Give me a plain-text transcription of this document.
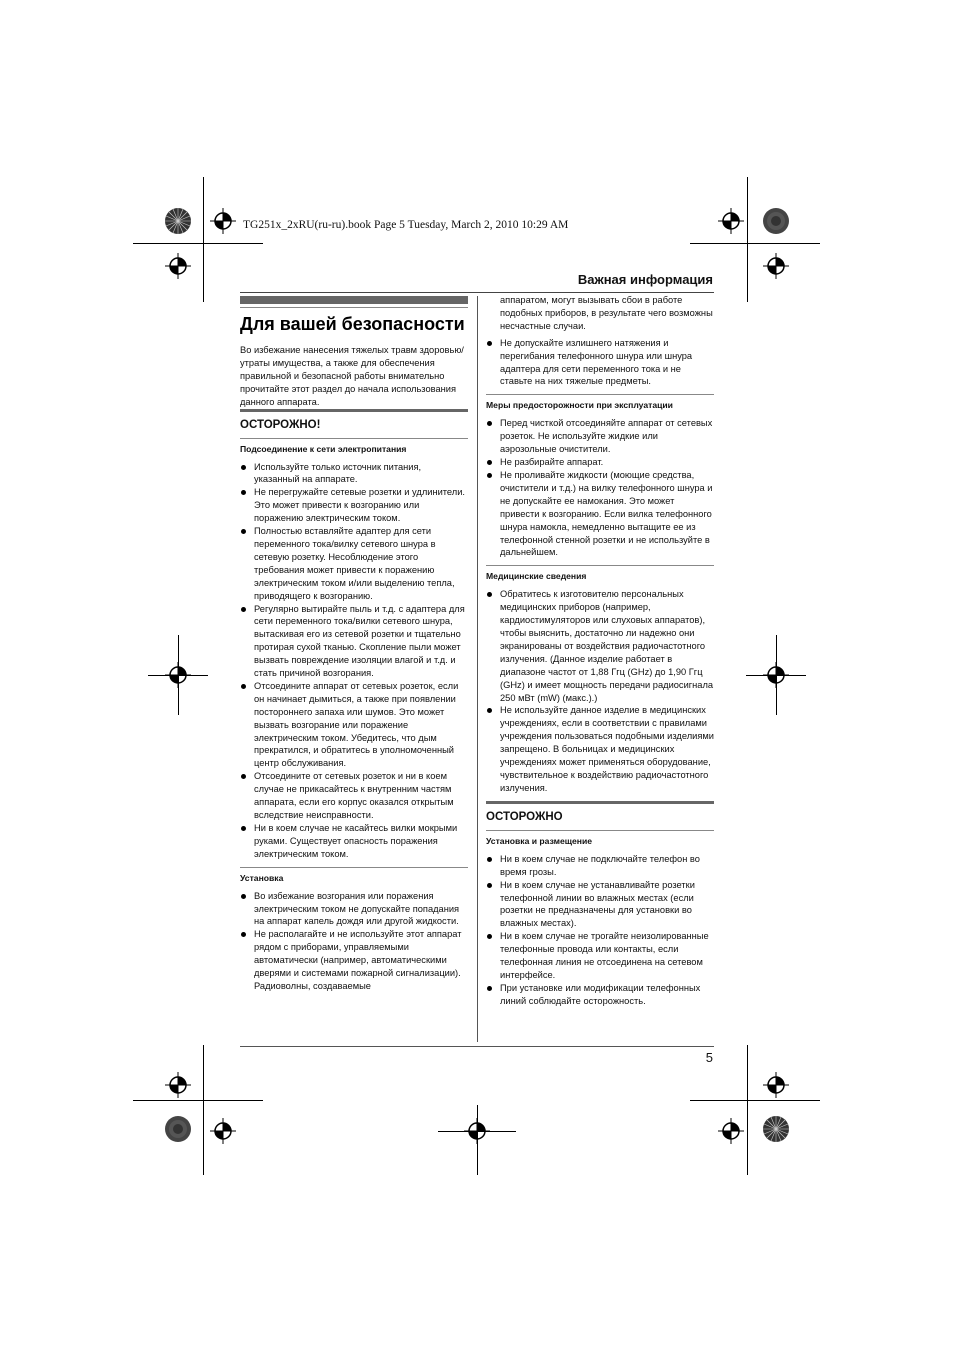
TG251x_2xRU(ru-ru).book Page 5 Tuesday, March 2, 2010 10:29 AM
Важная информация
Для вашей безопасности

Во избежание нанесения тяжелых травм здоровью/утраты имущества, а также для обеспечения правильной и безопасной работы внимательно прочитайте этот раздел до начала использования данного аппарата.

ОСТОРОЖНО!
Подсоединение к сети электропитания
Используйте только источник питания, указанный на аппарате.
Не перегружайте сетевые розетки и удлинители. Это может привести к возгоранию или поражению электрическим током.
Полностью вставляйте адаптер для сети переменного тока/вилку сетевого шнура в сетевую розетку. Несоблюдение этого требования может привести к поражению электрическим током и/или выделению тепла, приводящего к возгоранию.
Регулярно вытирайте пыль и т.д. с адаптера для сети переменного тока/вилки сетевого шнура, вытаскивая его из сетевой розетки и тщательно протирая сухой тканью. Скопление пыли может вызвать повреждение изоляции влагой и т.д. и стать причиной возгорания.
Отсоедините аппарат от сетевых розеток, если он начинает дымиться, а также при появлении постороннего запаха или шумов. Это может вызвать возгорание или поражение электрическим током. Убедитесь, что дым прекратился, и обратитесь в уполномоченный центр обслуживания.
Отсоедините от сетевых розеток и ни в коем случае не прикасайтесь к внутренним частям аппарата, если его корпус оказался открытым вследствие неисправности.
Ни в коем случае не касайтесь вилки мокрыми руками. Существует опасность поражения электрическим током.
Установка
Во избежание возгорания или поражения электрическим током не допускайте попадания на аппарат капель дождя или другой жидкости.
Не располагайте и не используйте этот аппарат рядом с приборами, управляемыми автоматически (например, автоматическими дверями и системами пожарной сигнализации). Радиоволны, создаваемые
аппаратом, могут вызывать сбои в работе подобных приборов, в результате чего возможны несчастные случаи.
Не допускайте излишнего натяжения и перегибания телефонного шнура или шнура адаптера для сети переменного тока и не ставьте на них тяжелые предметы.
Меры предосторожности при эксплуатации
Перед чисткой отсоединяйте аппарат от сетевых розеток. Не используйте жидкие или аэрозольные очистители.
Не разбирайте аппарат.
Не проливайте жидкости (моющие средства, очистители и т.д.) на вилку телефонного шнура и не допускайте ее намокания. Это может привести к возгоранию. Если вилка телефонного шнура намокла, немедленно вытащите ее из телефонной стенной розетки и не используйте в дальнейшем.
Медицинские сведения
Обратитесь к изготовителю персональных медицинских приборов (например, кардиостимуляторов или слуховых аппаратов), чтобы выяснить, достаточно ли надежно они экранированы от воздействия радиочастотного излучения. (Данное изделие работает в диапазоне частот от 1,88 Ггц (GHz) до 1,90 Ггц (GHz) и имеет мощность передачи радиосигнала 250 мВт (mW) (макс.).)
Не используйте данное изделие в медицинских учреждениях, если в соответствии с правилами учреждения пользоваться подобными изделиями запрещено. В больницах и медицинских учреждениях может применяться оборудование, чувствительное к воздействию радиочастотного излучения.
ОСТОРОЖНО
Установка и размещение
Ни в коем случае не подключайте телефон во время грозы.
Ни в коем случае не устанавливайте розетки телефонной линии во влажных местах (если розетки не предназначены для установки во влажных местах).
Ни в коем случае не трогайте неизолированные телефонные провода или контакты, если телефонная линия не отсоединена на сетевом интерфейсе.
При установке или модификации телефонных линий соблюдайте осторожность.
5
